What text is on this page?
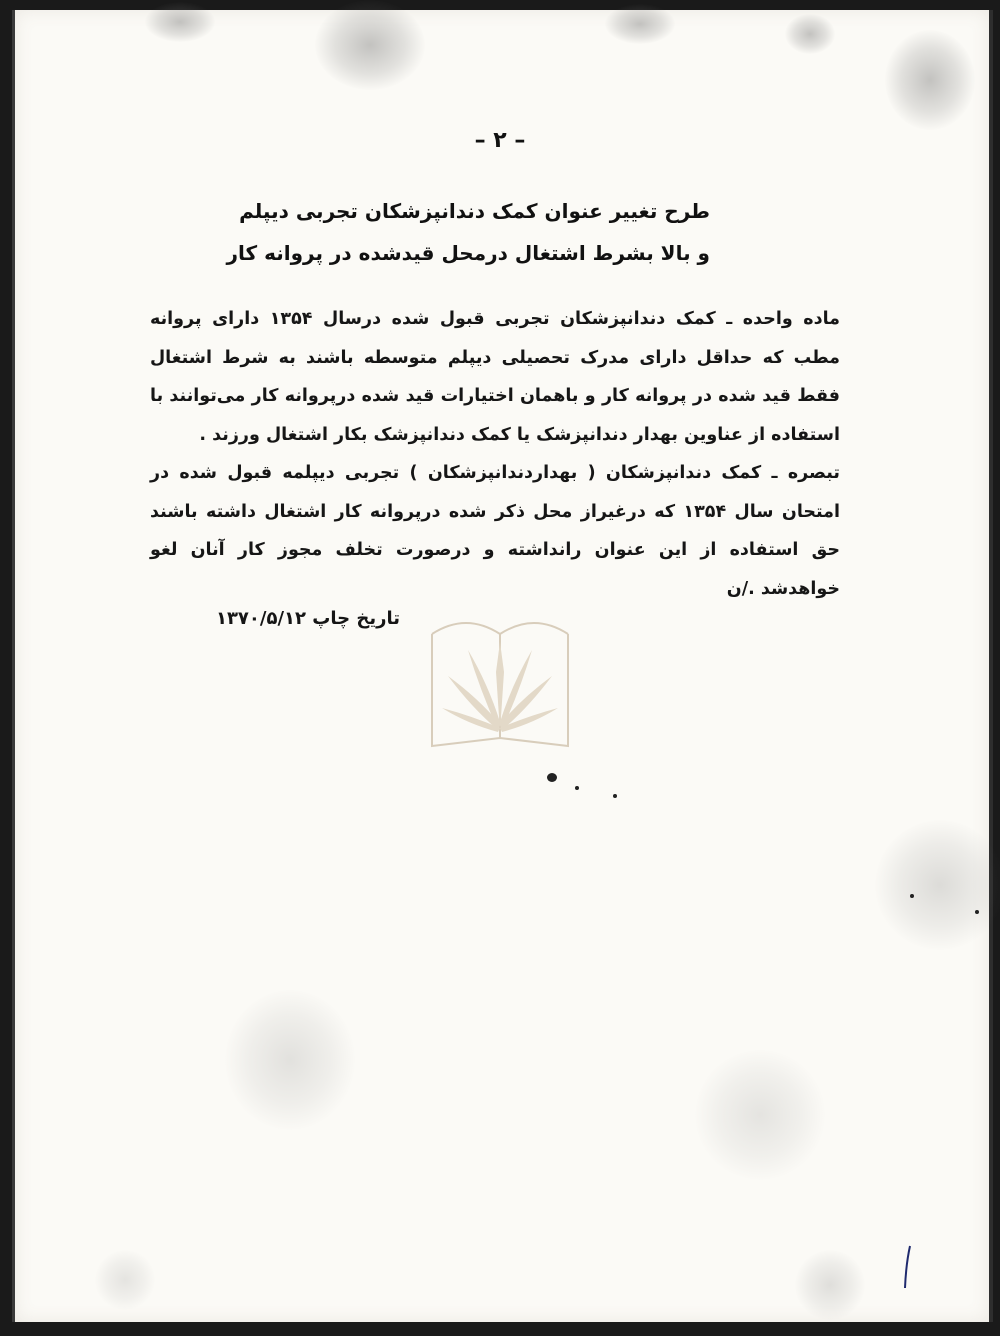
– ٢ –
طرح تغییر عنوان کمک دندانپزشکان تجربی دیپلم
و بالا بشرط اشتغال درمحل قیدشده در پروانه کار
ماده واحده ـ کمک دندانپزشکان تجربی قبول شده درسال ۱۳۵۴ دارای پروانه مطب که حداقل دارای مدرک تحصیلی دیپلم متوسطه باشند به شرط اشتغال فقط قید شده در پروانه کار و باهمان اختیارات قید شده درپروانه کار می‌توانند با استفاده از عناوین بهدار دندانپزشک یا کمک دندانپزشک بکار اشتغال ورزند .
تبصره ـ کمک دندانپزشکان ( بهداردندانپزشکان ) تجربی دیپلمه قبول شده در امتحان سال ۱۳۵۴ که درغیراز محل ذکر شده درپروانه کار اشتغال داشته باشند حق استفاده از این عنوان رانداشته و درصورت تخلف مجوز کار آنان لغو خواهدشد ./ن
تاریخ چاپ ۱۳۷۰/۵/۱۲
